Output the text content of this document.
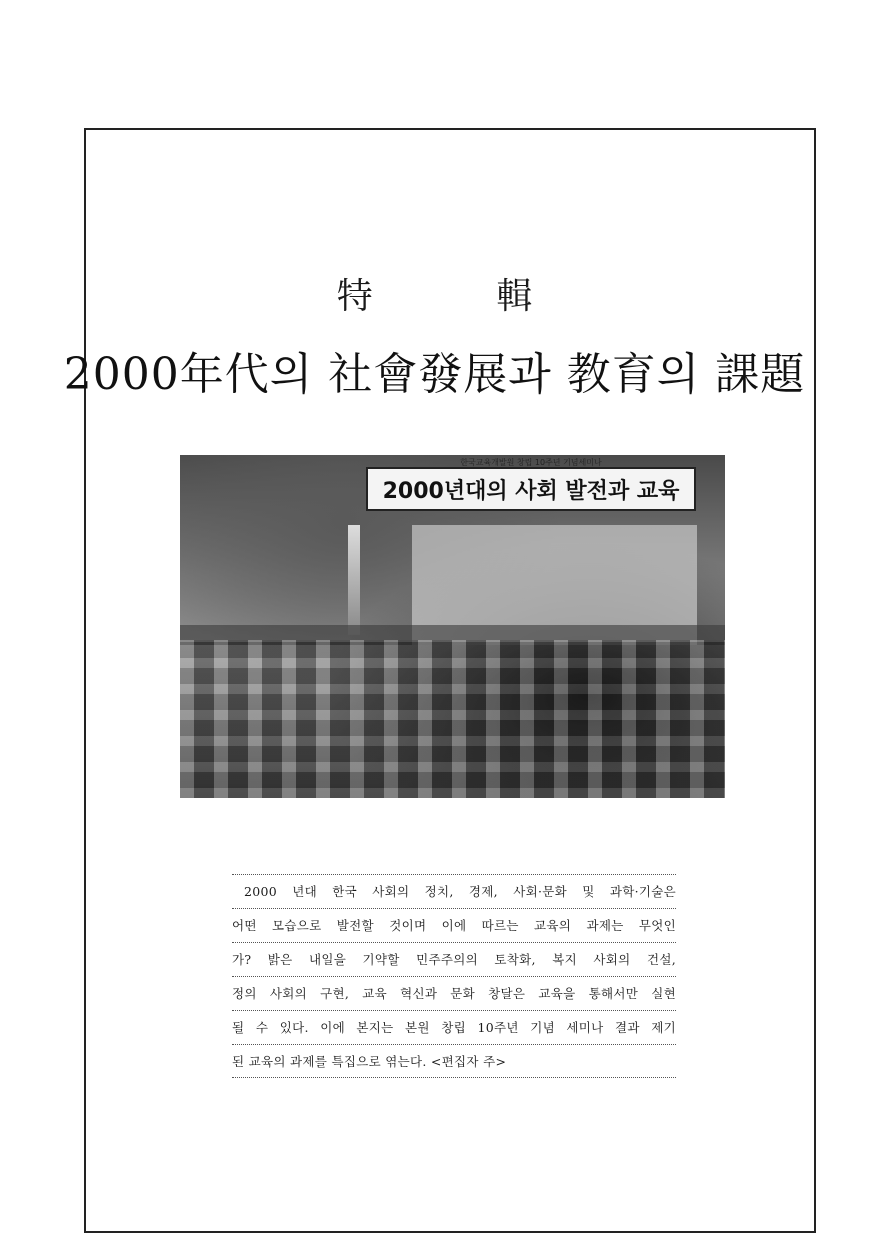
特 輯
2000年代의 社會發展과 教育의 課題
한국교육개발원 창립 10주년 기념세미나
2000년대의 사회 발전과 교육
2000 년대 한국 사회의 정치, 경제, 사회·문화 및 과학·기술은
어떤 모습으로 발전할 것이며 이에 따르는 교육의 과제는 무엇인
가? 밝은 내일을 기약할 민주주의의 토착화, 복지 사회의 건설,
정의 사회의 구현, 교육 혁신과 문화 창달은 교육을 통해서만 실현
될 수 있다. 이에 본지는 본원 창립 10주년 기념 세미나 결과 제기
된 교육의 과제를 특집으로 엮는다. <편집자 주>
